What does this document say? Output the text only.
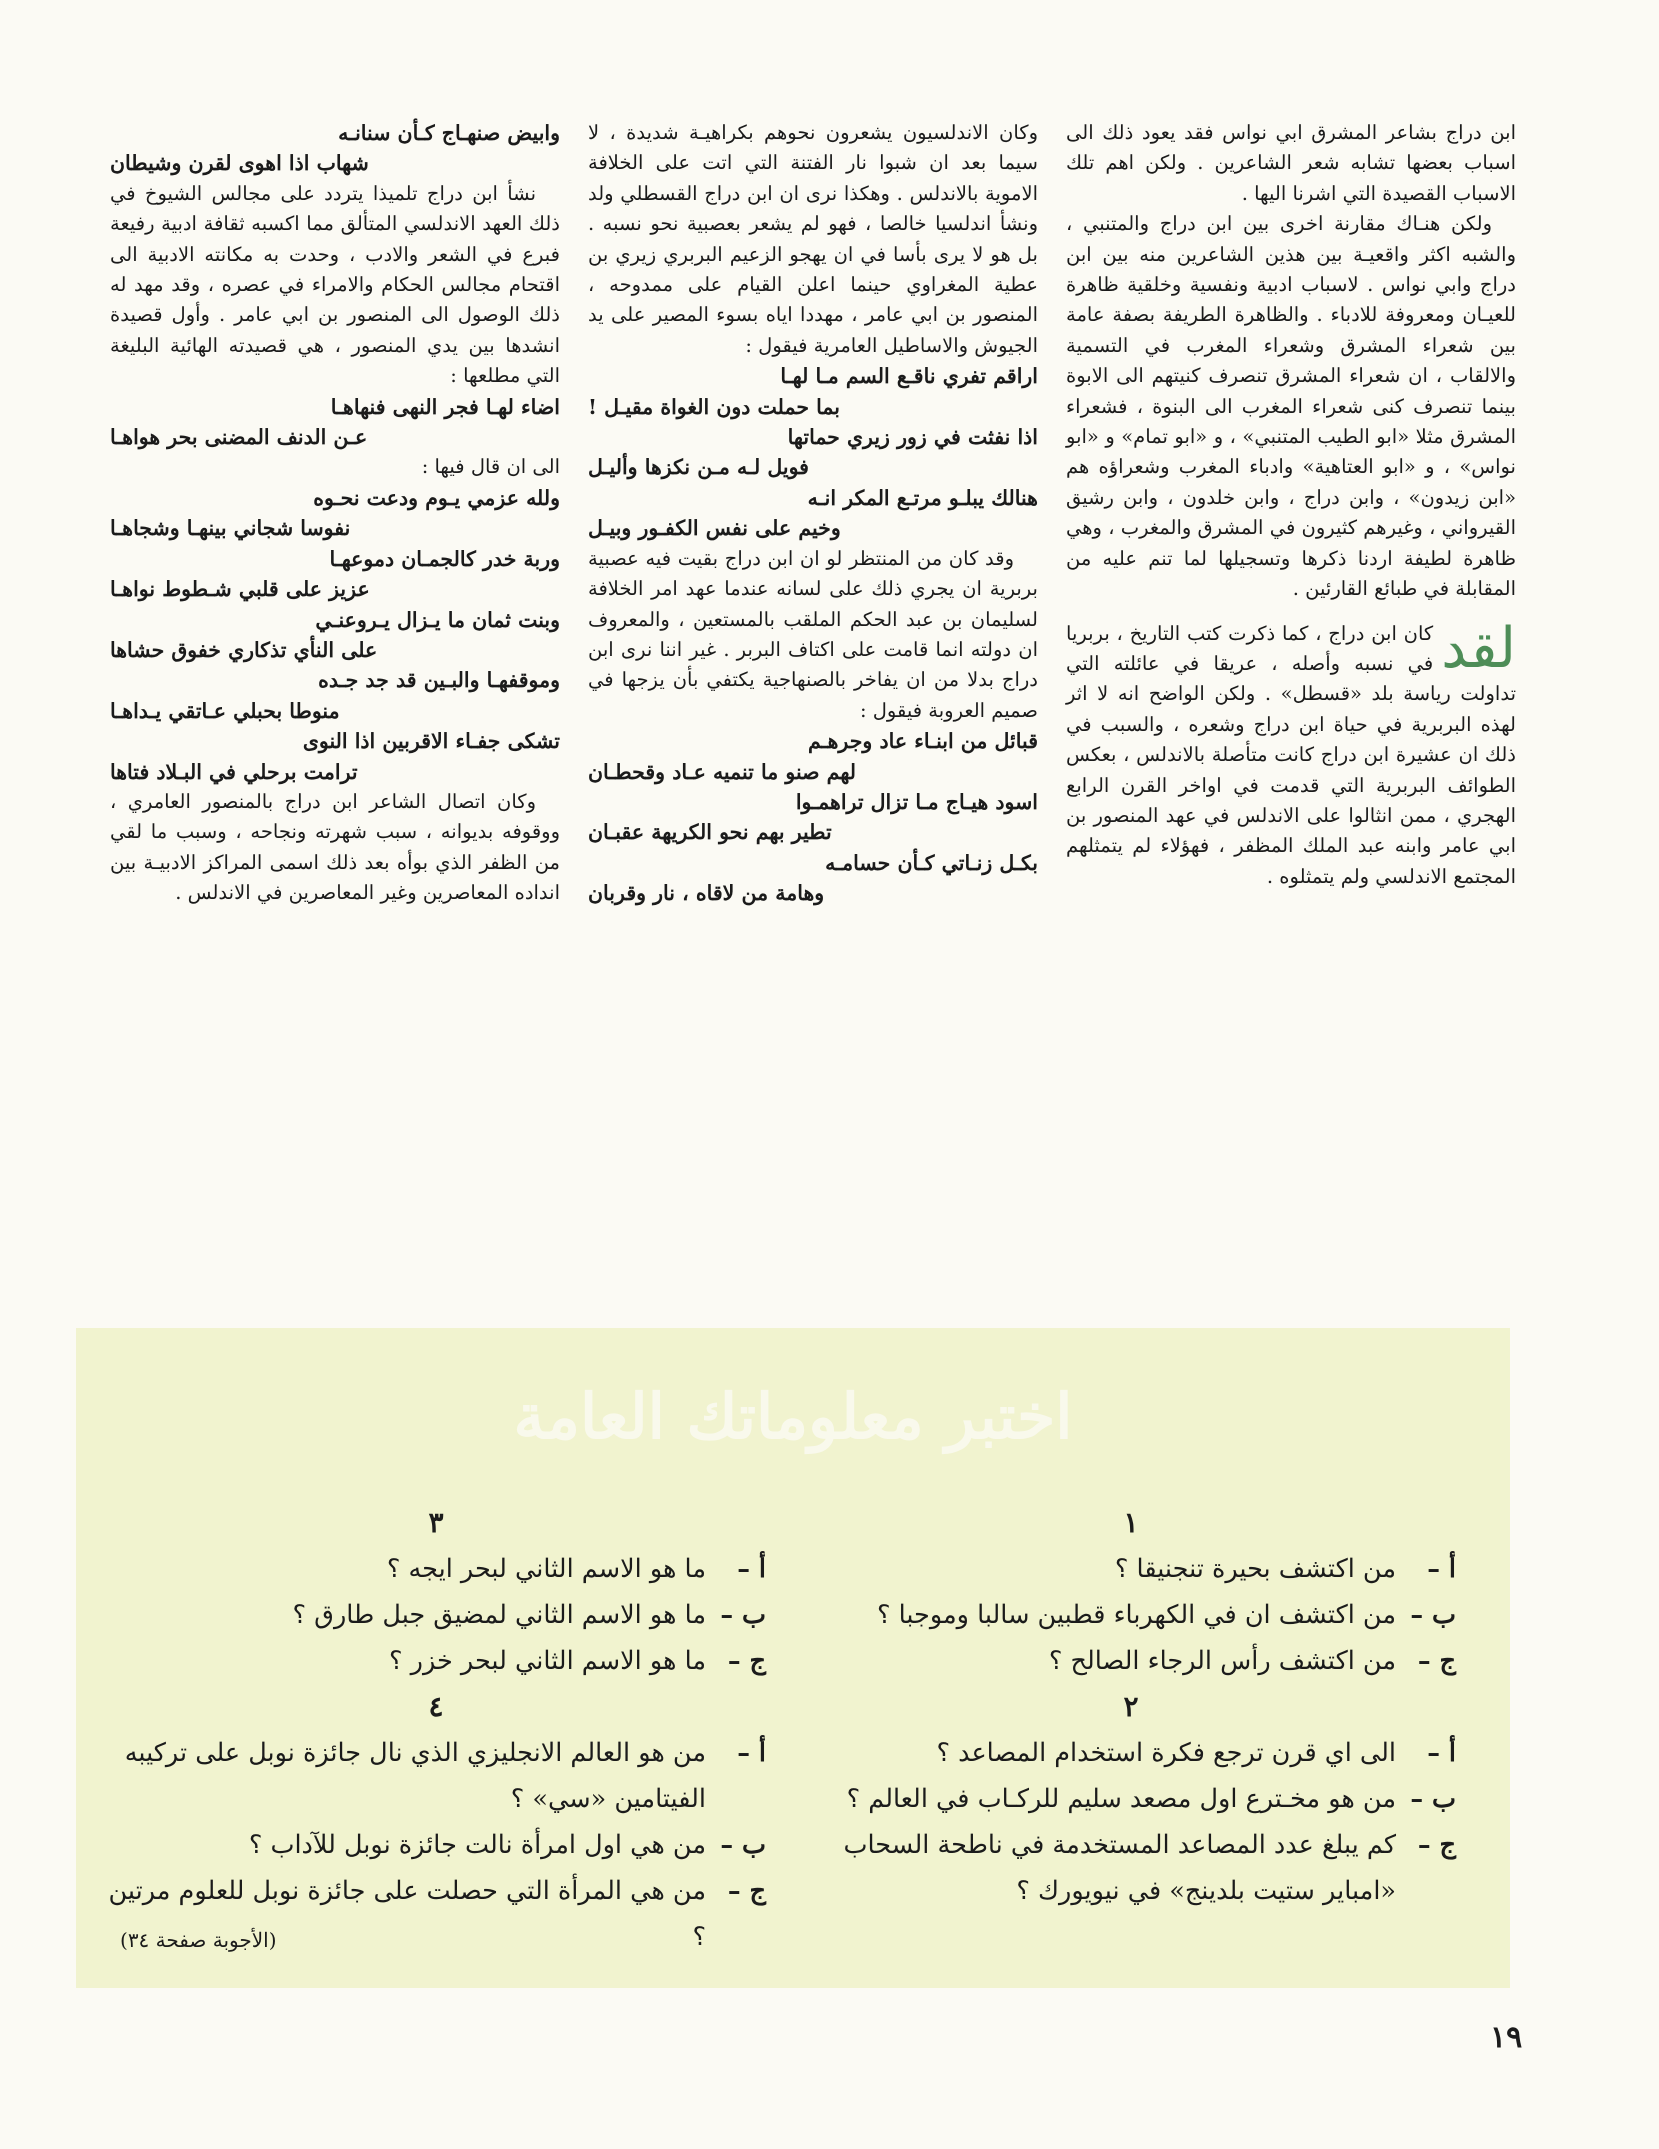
ابن دراج بشاعر المشرق ابي نواس فقد يعود ذلك الى اسباب بعضها تشابه شعر الشاعرين . ولكن اهم تلك الاسباب القصيدة التي اشرنا اليها .

ولكن هنـاك مقارنة اخرى بين ابن دراج والمتنبي ، والشبه اكثر واقعيـة بين هذين الشاعرين منه بين ابن دراج وابي نواس . لاسباب ادبية ونفسية وخلقية ظاهرة للعيـان ومعروفة للادباء . والظاهرة الطريفة بصفة عامة بين شعراء المشرق وشعراء المغرب في التسمية والالقاب ، ان شعراء المشرق تنصرف كنيتهم الى الابوة بينما تنصرف كنى شعراء المغرب الى البنوة ، فشعراء المشرق مثلا «ابو الطيب المتنبي» ، و «ابو تمام» و «ابو نواس» ، و «ابو العتاهية» وادباء المغرب وشعراؤه هم «ابن زيدون» ، وابن دراج ، وابن خلدون ، وابن رشيق القيرواني ، وغيرهم كثيرون في المشرق والمغرب ، وهي ظاهرة لطيفة اردنا ذكرها وتسجيلها لما تنم عليه من المقابلة في طبائع القارئين .

لقد
كان ابن دراج ، كما ذكرت كتب التاريخ ، بربريا في نسبه وأصله ، عريقا في عائلته التي تداولت رياسة بلد «قسطل» . ولكن الواضح انه لا اثر لهذه البربرية في حياة ابن دراج وشعره ، والسبب في ذلك ان عشيرة ابن دراج كانت متأصلة بالاندلس ، بعكس الطوائف البربرية التي قدمت في اواخر القرن الرابع الهجري ، ممن انثالوا على الاندلس في عهد المنصور بن ابي عامر وابنه عبد الملك المظفر ، فهؤلاء لم يتمثلهم المجتمع الاندلسي ولم يتمثلوه .

وكان الاندلسيون يشعرون نحوهم بكراهيـة شديدة ، لا سيما بعد ان شبوا نار الفتنة التي اتت على الخلافة الاموية بالاندلس . وهكذا نرى ان ابن دراج القسطلي ولد ونشأ اندلسيا خالصا ، فهو لم يشعر بعصبية نحو نسبه . بل هو لا يرى بأسا في ان يهجو الزعيم البربري زيري بن عطية المغراوي حينما اعلن القيام على ممدوحه ، المنصور بن ابي عامر ، مهددا اياه بسوء المصير على يد الجيوش والاساطيل العامرية فيقول :

اراقم تفري ناقـع السم مـا لهـا

بما حملت دون الغواة مقيـل !

اذا نفثت في زور زيري حماتها

فويل لـه مـن نكزها وأليـل

هنالك يبلـو مرتـع المكر انـه

وخيم على نفس الكفـور وبيـل

وقد كان من المنتظر لو ان ابن دراج بقيت فيه عصبية بربرية ان يجري ذلك على لسانه عندما عهد امر الخلافة لسليمان بن عبد الحكم الملقب بالمستعين ، والمعروف ان دولته انما قامت على اكتاف البربر . غير اننا نرى ابن دراج بدلا من ان يفاخر بالصنهاجية يكتفي بأن يزجها في صميم العروبة فيقول :

قبائل من ابنـاء عاد وجرهـم

لهم صنو ما تنميه عـاد وقحطـان

اسود هيـاج مـا تزال تراهمـوا

تطير بهم نحو الكريهة عقبـان

بكـل زنـاتي كـأن حسامـه

وهامة من لاقاه ، نار وقربان

وابيض صنهـاج كـأن سنانـه

شهاب اذا اهوى لقرن وشيطان

نشأ ابن دراج تلميذا يتردد على مجالس الشيوخ في ذلك العهد الاندلسي المتألق مما اكسبه ثقافة ادبية رفيعة فبرع في الشعر والادب ، وحدت به مكانته الادبية الى اقتحام مجالس الحكام والامراء في عصره ، وقد مهد له ذلك الوصول الى المنصور بن ابي عامر . وأول قصيدة انشدها بين يدي المنصور ، هي قصيدته الهائية البليغة التي مطلعها :

اضاء لهـا فجر النهى فنهاهـا

عـن الدنف المضنى بحر هواهـا

الى ان قال فيها :

ولله عزمي يـوم ودعت نحـوه

نفوسا شجاني بينهـا وشجاهـا

وربة خدر كالجمـان دموعهـا

عزيز على قلبي شـطوط نواهـا

وبنت ثمان ما يـزال يـروعنـي

على النأي تذكاري خفوق حشاها

وموقفهـا والبـين قد جد جـده

منوطا بحبلي عـاتقي يـداهـا

تشكى جفـاء الاقربين اذا النوى

ترامت برحلي في البـلاد فتاها

وكان اتصال الشاعر ابن دراج بالمنصور العامري ، ووقوفه بديوانه ، سبب شهرته ونجاحه ، وسبب ما لقي من الظفر الذي بوأه بعد ذلك اسمى المراكز الادبيـة بين انداده المعاصرين وغير المعاصرين في الاندلس .

اختبر معلوماتك العامة
١
أ –
من اكتشف بحيرة تنجنيقا ؟
ب –
من اكتشف ان في الكهرباء قطبين سالبا وموجبا ؟
ج –
من اكتشف رأس الرجاء الصالح ؟
٢
أ –
الى اي قرن ترجع فكرة استخدام المصاعد ؟
ب –
من هو مخـترع اول مصعد سليم للركـاب في العالم ؟
ج –
كم يبلغ عدد المصاعد المستخدمة في ناطحة السحاب «امباير ستيت بلدينج» في نيويورك ؟
٣
أ –
ما هو الاسم الثاني لبحر ايجه ؟
ب –
ما هو الاسم الثاني لمضيق جبل طارق ؟
ج –
ما هو الاسم الثاني لبحر خزر ؟
٤
أ –
من هو العالم الانجليزي الذي نال جائزة نوبل على تركيبه الفيتامين «سي» ؟
ب –
من هي اول امرأة نالت جائزة نوبل للآداب ؟
ج –
من هي المرأة التي حصلت على جائزة نوبل للعلوم مرتين ؟
(الأجوبة صفحة ٣٤)
١٩
